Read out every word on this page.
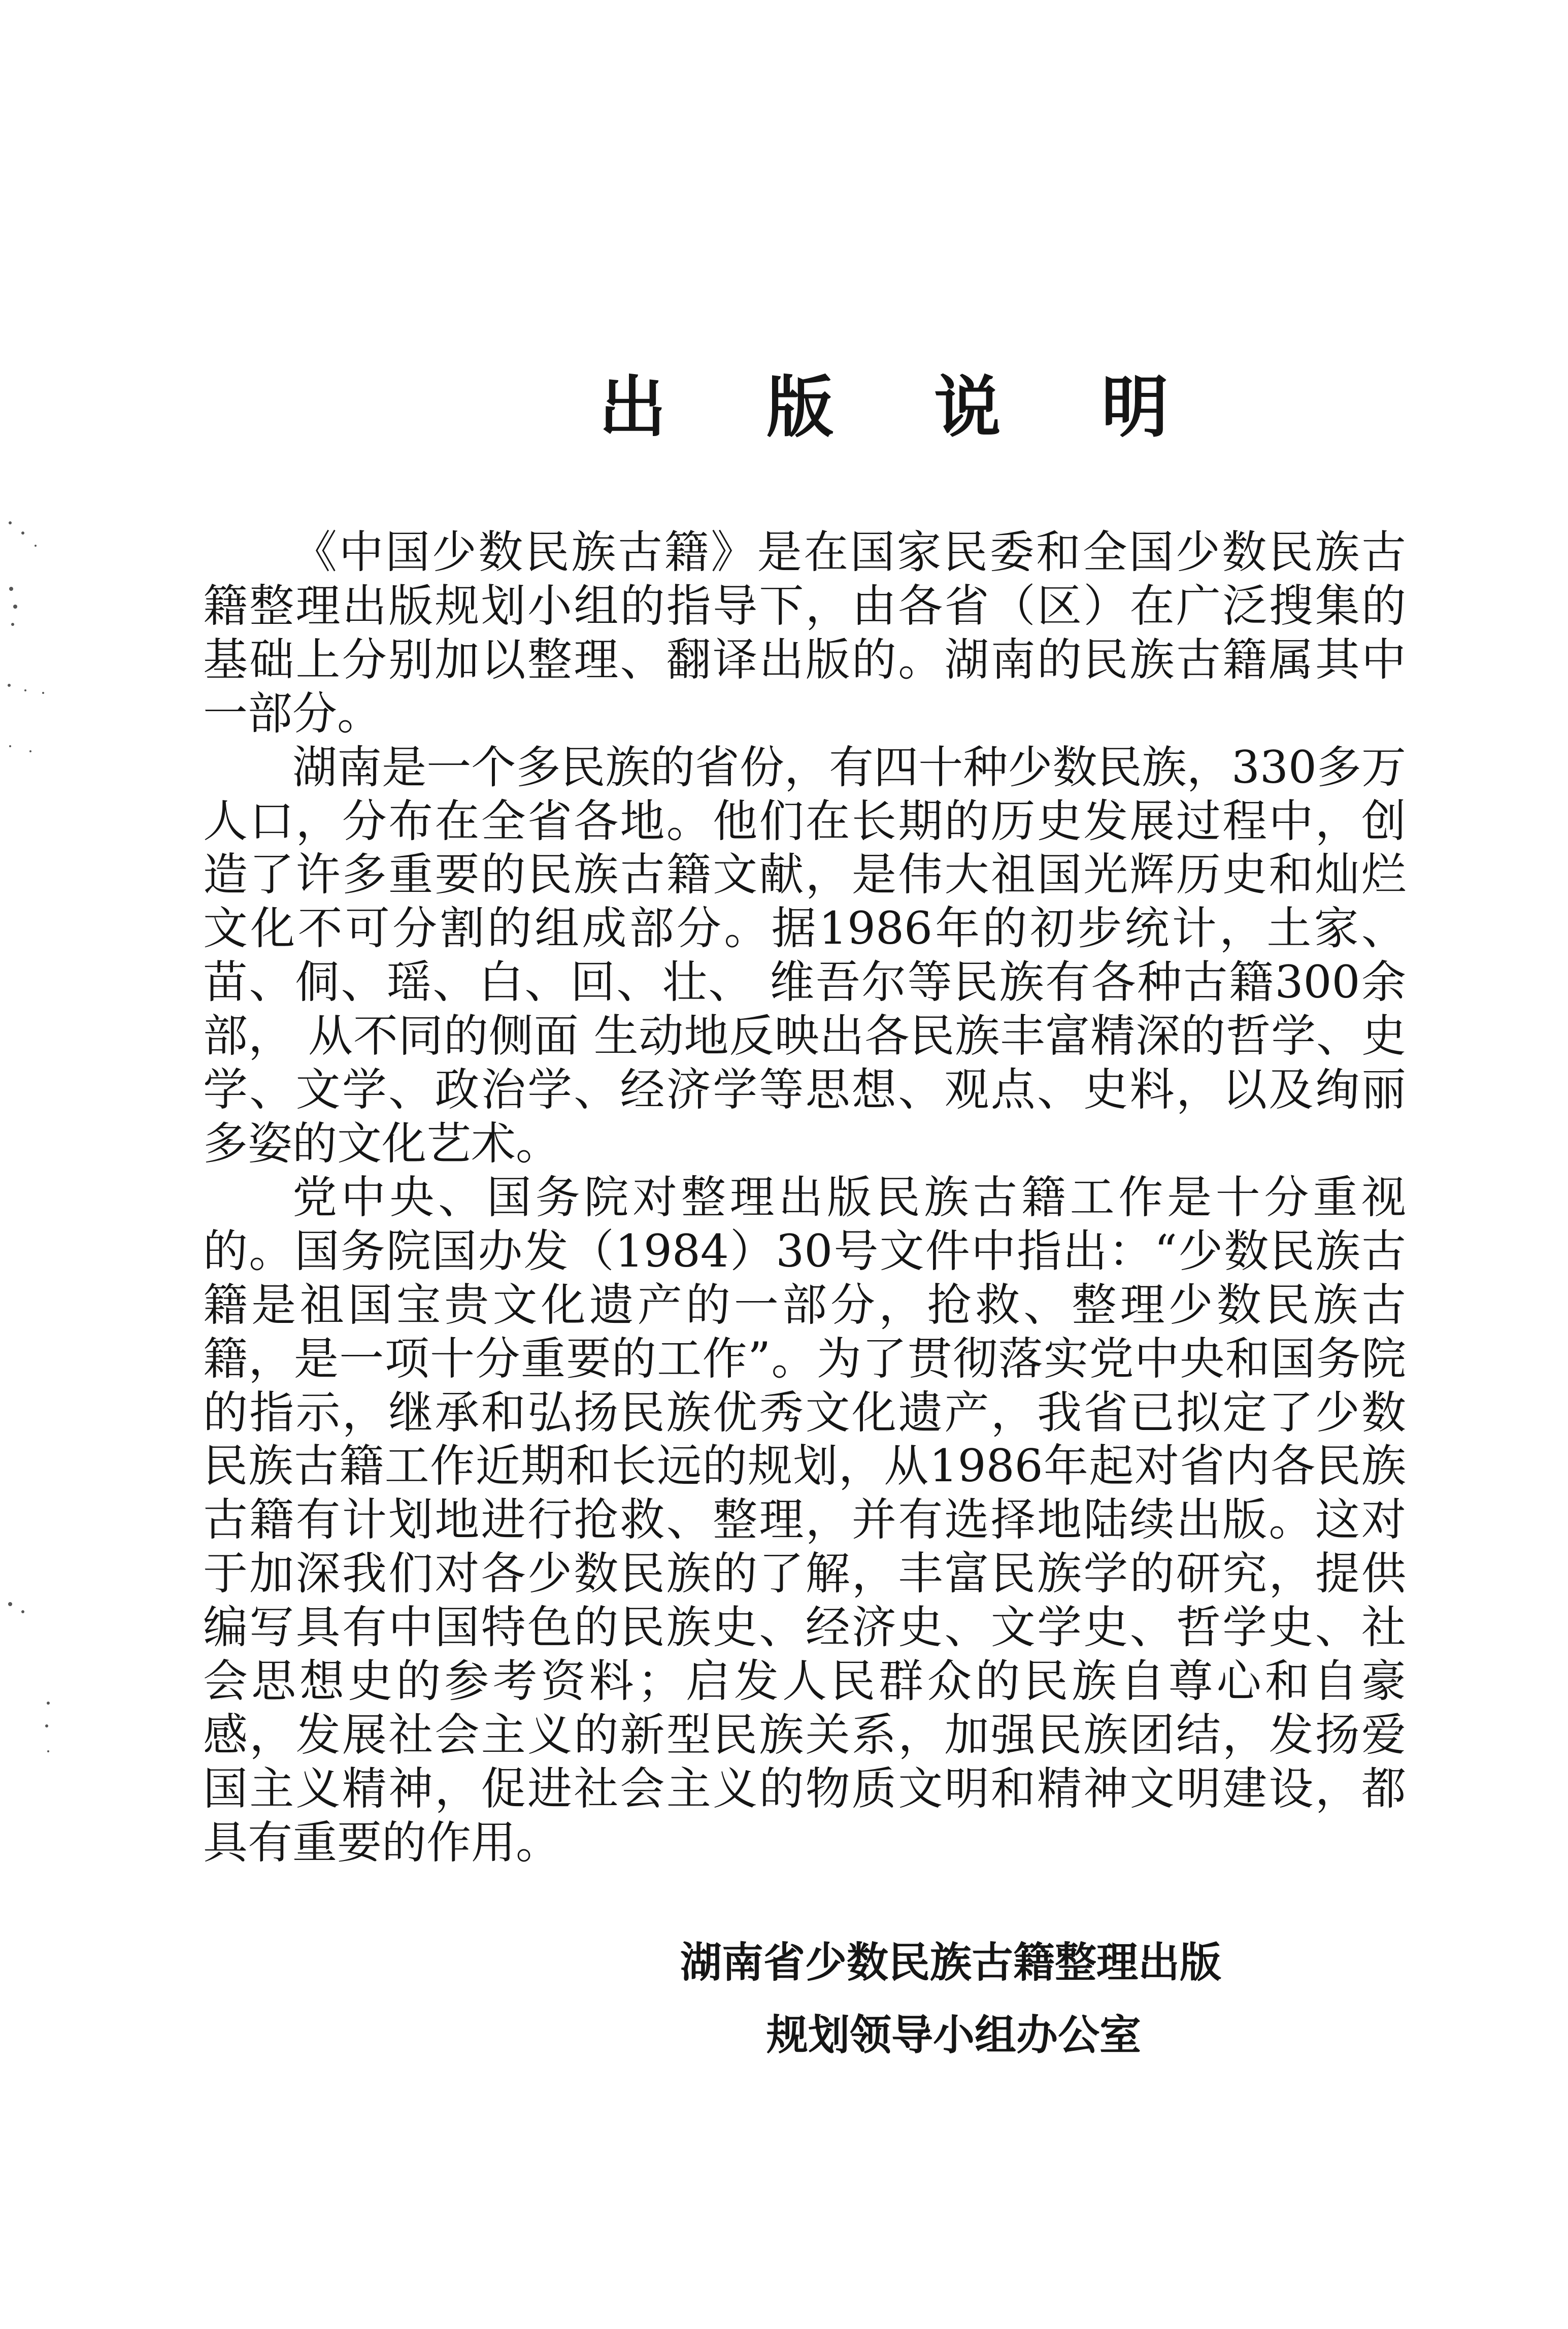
出 版 说 明

《中国少数民族古籍》是在国家民委和全国少数民族古籍整理出版规划小组的指导下，由各省（区）在广泛搜集的基础上分别加以整理、翻译出版的。湖南的民族古籍属其中一部分。

湖南是一个多民族的省份，有四十种少数民族，330多万 人口，分布在全省各地。他们在长期的历史发展过程中，创造了许多重要的民族古籍文献，是伟大祖国光辉历史和灿烂文化不可分割的组成部分。据1986年的初步统计，土家、苗、侗、瑶、白、回、壮、 维吾尔等民族有各种古籍300余部， 从不同的侧面 生动地反映出各民族丰富精深的哲学、史学、文学、政治学、经济学等思想、观点、史料，以及绚丽多姿的文化艺术。

党中央、国务院对整理出版民族古籍工作是十分重视的。国务院国办发（1984）30号文件中指出：“少数民族古籍是祖国宝贵文化遗产的一部分，抢救、整理少数民族古籍，是一项十分重要的工作”。为了贯彻落实党中央和国务院的指示，继承和弘扬民族优秀文化遗产，我省已拟定了少数民族古籍工作近期和长远的规划，从1986年起对省内各民族古籍有计划地进行抢救、整理，并有选择地陆续出版。这对于加深我们对各少数民族的了解，丰富民族学的研究，提供编写具有中国特色的民族史、经济史、文学史、哲学史、社会思想史的参考资料；启发人民群众的民族自尊心和自豪感，发展社会主义的新型民族关系，加强民族团结，发扬爱国主义精神，促进社会主义的物质文明和精神文明建设，都具有重要的作用。

湖南省少数民族古籍整理出版
规划领导小组办公室
